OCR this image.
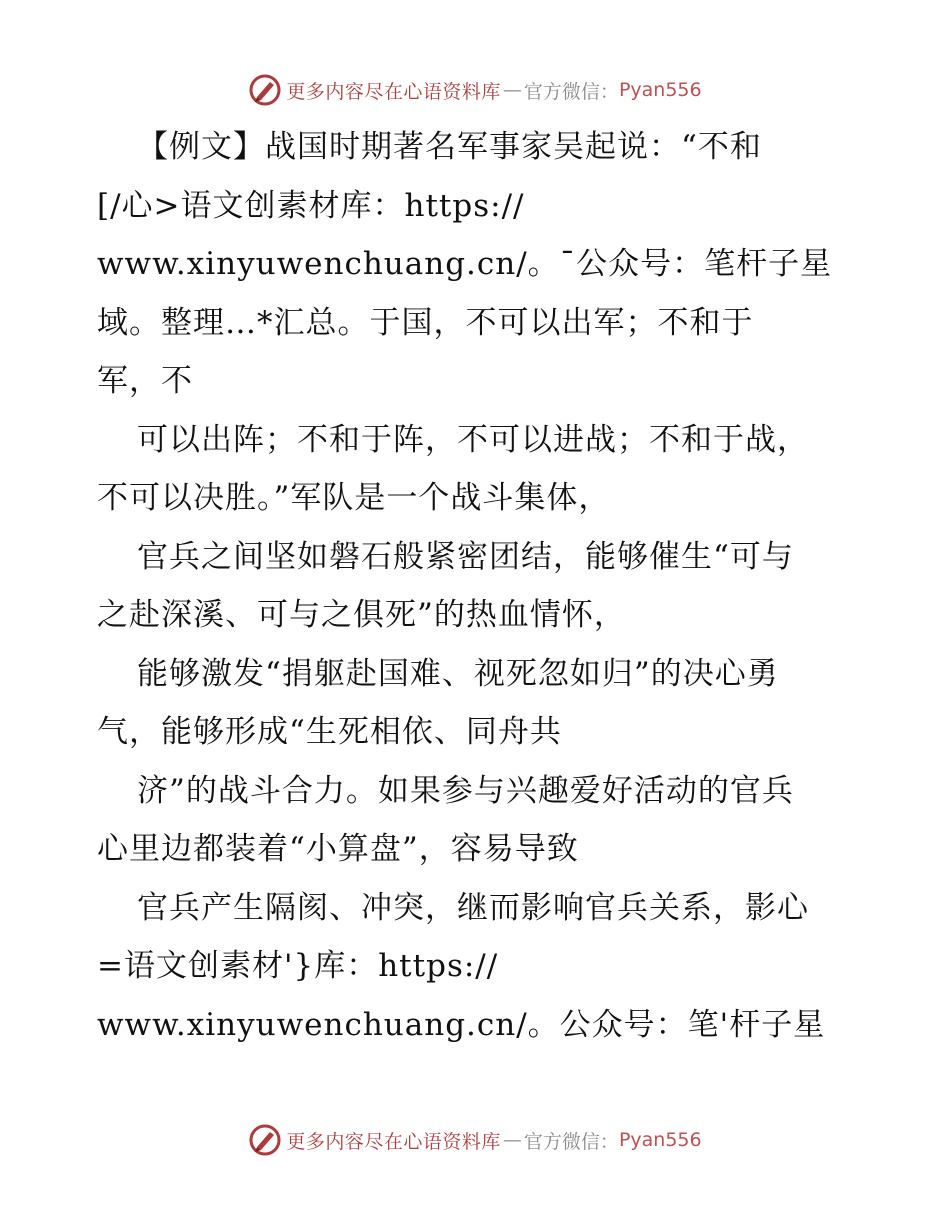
更多内容尽在心语资料库 — 官方微信： Pyan556
【例文】战国时期著名军事家吴起说：“不和
[/心>语文创素材库：https://
www.xinyuwenchuang.cn/。¯公众号：笔杆子星
域。整理…*汇总。于国，不可以出军；不和于
军，不
可以出阵；不和于阵，不可以进战；不和于战，
不可以决胜。”军队是一个战斗集体，
官兵之间坚如磐石般紧密团结，能够催生“可与
之赴深溪、可与之俱死”的热血情怀，
能够激发“捐躯赴国难、视死忽如归”的决心勇
气，能够形成“生死相依、同舟共
济”的战斗合力。如果参与兴趣爱好活动的官兵
心里边都装着“小算盘”，容易导致
官兵产生隔阂、冲突，继而影响官兵关系，影心
=语文创素材'}库：https://
www.xinyuwenchuang.cn/。公众号：笔'杆子星
更多内容尽在心语资料库 — 官方微信： Pyan556
